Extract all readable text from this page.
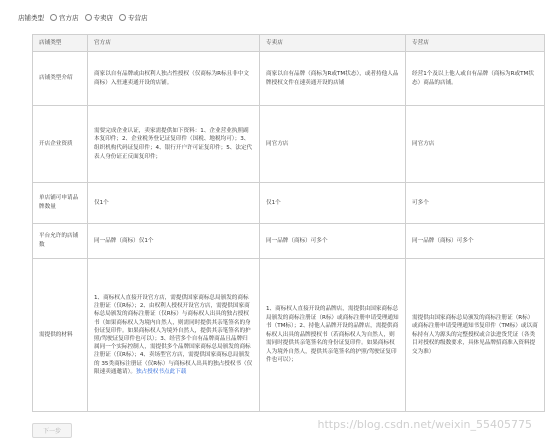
店铺类型 官方店 专卖店 专营店
店铺类型	官方店	专卖店	专营店
店铺类型介绍	商家以自有品牌或由权利人独占性授权（仅商标为R标且非中文商标）入驻速卖通开设的店铺。	商家以自有品牌（商标为R或TM状态），或者持他人品牌授权文件在速卖通开设的店铺	经营1个及以上他人或自有品牌（商标为R或TM状态）商品的店铺。
开店企业资质	需要完成企业认证，卖家需提供如下资料：1、企业营业执照副本复印件；2、企业税务登记证复印件（国税、地税均可）；3、组织机构代码证复印件；4、银行开户许可证复印件；5、法定代表人身份证正反面复印件；	同官方店	同官方店
单店铺可申请品牌数量	仅1个	仅1个	可多个
平台允许的店铺数	同一品牌（商标）仅1个	同一品牌（商标）可多个	同一品牌（商标）可多个
需提供的材料	1、商标权人直接开设官方店，需提供国家商标总局颁发的商标注册证（仅R标）；2、由权利人授权开设官方店，需提供国家商标总局颁发的商标注册证（仅R标）与商标权人出具的独占授权书（如果商标权人为境内自然人，则需同时提供其亲笔签名的身份证复印件。如果商标权人为境外自然人，提供其亲笔签名的护照/驾驶证复印件也可以）；3、经营多个自有品牌商品且品牌归属同一个实际控制人，需提供多个品牌国家商标总局颁发的商标注册证（仅R标）；4、卖场型官方店，需提供国家商标总局颁发的 35类商标注册证（仅R标）与商标权人出具的独占授权书（仅限速卖通邀请）。独占授权书点此下载	1、商标权人直接开设的品牌店，需提供由国家商标总局颁发的商标注册证（R标）或商标注册申请受理通知书（TM标）；2、持他人品牌开设的品牌店，需提供商标权人出具的品牌授权书（若商标权人为自然人，则需同时提供其亲笔签名的身份证复印件。如果商标权人为境外自然人，提供其亲笔签名的护照/驾驶证复印件也可以）；	需提供由国家商标总局颁发的商标注册证（R标）或商标注册申请受理通知书复印件（TM标）或以商标持有人为源头的完整授权或合法进货凭证（各类目对授权的级数要求，具体见品牌招商准入资料提交为准）
下一步
https://blog.csdn.net/weixin_55405775
